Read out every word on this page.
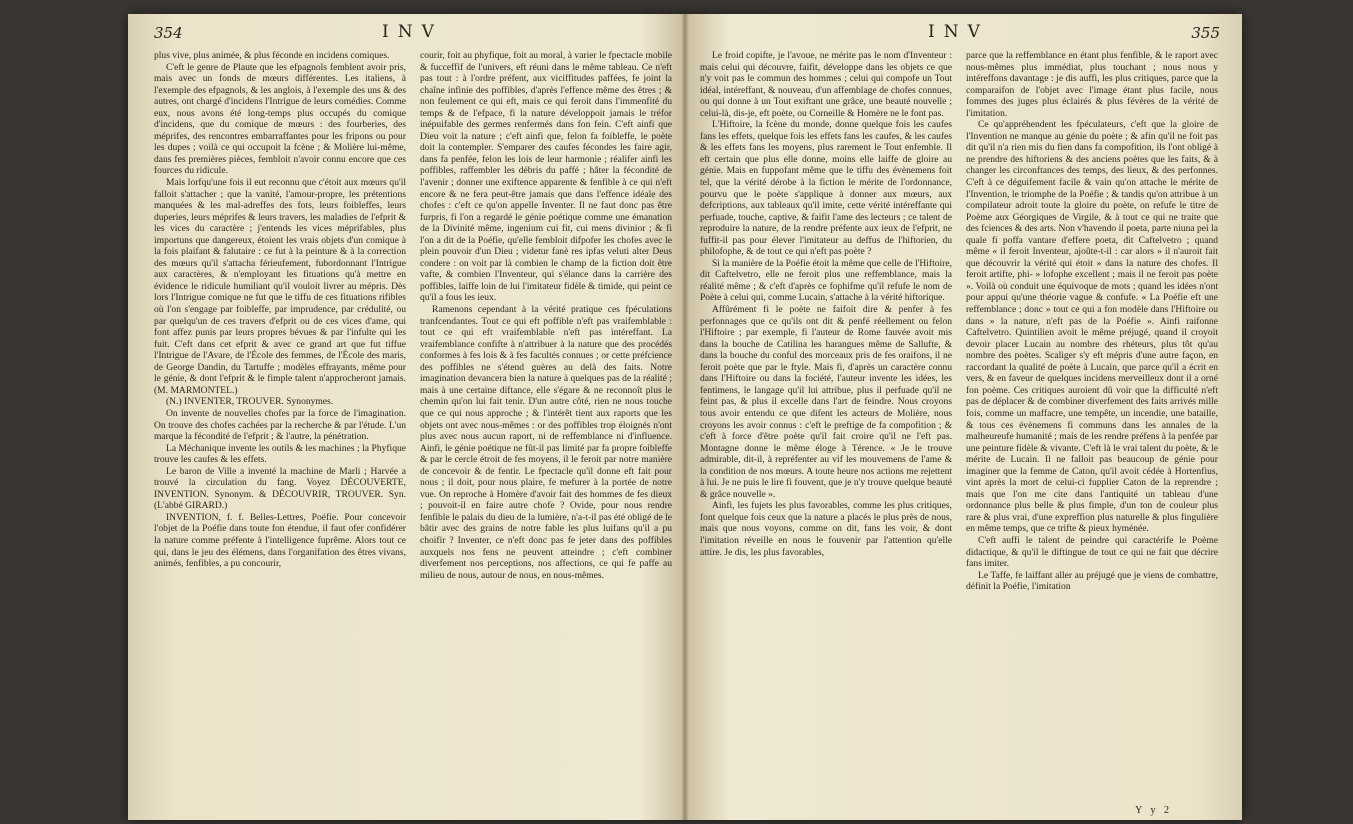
354	INV

plus vive, plus animée, & plus féconde en incidens comiques.

C'eft le genre de Plaute que les efpagnols femblent avoir pris, mais avec un fonds de mœurs différentes. Les italiens, à l'exemple des efpagnols, & les anglois, à l'exemple des uns & des autres, ont chargé d'incidens l'Intrigue de leurs comédies. Comme eux, nous avons été long-temps plus occupés du comique d'incidens, que du comique de mœurs : des fourberies, des méprifes, des rencontres embarraffantes pour les fripons ou pour les dupes ; voilà ce qui occupoit la fcène ; & Molière lui-même, dans fes premières pièces, fembloit n'avoir connu encore que ces fources du ridicule.

Mais lorfqu'une fois il eut reconnu que c'étoit aux mœurs qu'il falloit s'attacher ; que la vanité, l'amour-propre, les prétentions manquées & les mal-adreffes des fots, leurs foibleffes, leurs duperies, leurs méprifes & leurs travers, les maladies de l'efprit & les vices du caractère ; j'entends les vices méprifables, plus importuns que dangereux, étoient les vrais objets d'un comique à la fois plaifant & falutaire : ce fut à la peinture & à la correction des mœurs qu'il s'attacha férieufement, fubordonnant l'Intrigue aux caractères, & n'employant les fituations qu'à mettre en évidence le ridicule humiliant qu'il vouloit livrer au mépris. Dès lors l'Intrigue comique ne fut que le tiffu de ces fituations rifibles où l'on s'engage par foibleffe, par imprudence, par crédulité, ou par quelqu'un de ces travers d'efprit ou de ces vices d'ame, qui font affez punis par leurs propres bévues & par l'infulte qui les fuit. C'eft dans cet efprit & avec ce grand art que fut tiffue l'Intrigue de l'Avare, de l'École des femmes, de l'École des maris, de George Dandin, du Tartuffe ; modèles effrayants, même pour le génie, & dont l'efprit & le fimple talent n'approcheront jamais. (M. MARMONTEL.)

(N.) INVENTER, TROUVER. Synonymes.

On invente de nouvelles chofes par la force de l'imagination. On trouve des chofes cachées par la recherche & par l'étude. L'un marque la fécondité de l'efprit ; & l'autre, la pénétration.

La Méchanique invente les outils & les machines ; la Phyfique trouve les caufes & les effets.

Le baron de Ville a inventé la machine de Marli ; Harvée a trouvé la circulation du fang. Voyez DÉCOUVERTE, INVENTION. Synonym. & DÉCOUVRIR, TROUVER. Syn. (L'abbé GIRARD.)

INVENTION, f. f. Belles-Lettres, Poéfie. Pour concevoir l'objet de la Poéfie dans toute fon étendue, il faut ofer confidérer la nature comme préfente à l'intelligence fuprême. Alors tout ce qui, dans le jeu des élémens, dans l'organifation des êtres vivans, animés, fenfibles, a pu concourir,

courir, foit au phyfique, foit au moral, à varier le fpectacle mobile & fucceffif de l'univers, eft réuni dans le même tableau. Ce n'eft pas tout : à l'ordre préfent, aux viciffitudes paffées, fe joint la chaîne infinie des poffibles, d'après l'effence même des êtres ; & non feulement ce qui eft, mais ce qui feroit dans l'immenfité du temps & de l'efpace, fi la nature développoit jamais le tréfor inépuifable des germes renfermés dans fon fein. C'eft ainfi que Dieu voit la nature ; c'eft ainfi que, felon fa foibleffe, le poète doit la contempler. S'emparer des caufes fécondes les faire agir, dans fa penfée, felon les lois de leur harmonie ; réalifer ainfi les poffibles, raffembler les débris du paffé ; hâter la fécondité de l'avenir ; donner une exiftence apparente & fenfible à ce qui n'eft encore & ne fera peut-être jamais que dans l'effence idéale des chofes : c'eft ce qu'on appelle Inventer. Il ne faut donc pas être furpris, fi l'on a regardé le génie poétique comme une émanation de la Divinité même, ingenium cui fit, cui mens divinior ; & fi l'on a dit de la Poéfie, qu'elle fembloit difpofer les chofes avec le plein pouvoir d'un Dieu ; videtur fanè res ipfas veluti alter Deus condere : on voit par là combien le champ de la fiction doit être vafte, & combien l'Inventeur, qui s'élance dans la carrière des poffibles, laiffe loin de lui l'imitateur fidèle & timide, qui peint ce qu'il a fous les ieux.

Ramenons cependant à la vérité pratique ces fpéculations tranfcendantes. Tout ce qui eft poffible n'eft pas vraifemblable : tout ce qui eft vraifemblable n'eft pas intéreffant. La vraifemblance confifte à n'attribuer à la nature que des procédés conformes à fes lois & à fes facultés connues ; or cette préfcience des poffibles ne s'étend guères au delà des faits. Notre imagination devancera bien la nature à quelques pas de la réalité ; mais à une certaine diftance, elle s'égare & ne reconnoît plus le chemin qu'on lui fait tenir. D'un autre côté, rien ne nous touche que ce qui nous approche ; & l'intérêt tient aux raports que les objets ont avec nous-mêmes : or des poffibles trop éloignés n'ont plus avec nous aucun raport, ni de reffemblance ni d'influence. Ainfi, le génie poétique ne fût-il pas limité par fa propre foibleffe & par le cercle étroit de fes moyens, il le feroit par notre manière de concevoir & de fentir. Le fpectacle qu'il donne eft fait pour nous ; il doit, pour nous plaire, fe mefurer à la portée de notre vue. On reproche à Homère d'avoir fait des hommes de fes dieux ; pouvoit-il en faire autre chofe ? Ovide, pour nous rendre fenfible le palais du dieu de la lumière, n'a-t-il pas été obligé de le bâtir avec des grains de notre fable les plus luifans qu'il a pu choifir ? Inventer, ce n'eft donc pas fe jeter dans des poffibles auxquels nos fens ne peuvent atteindre ; c'eft combiner diverfement nos perceptions, nos affections, ce qui fe paffe au milieu de nous, autour de nous, en nous-mêmes.

INV	355

Le froid copifte, je l'avoue, ne mérite pas le nom d'Inventeur : mais celui qui découvre, faifit, développe dans les objets ce que n'y voit pas le commun des hommes ; celui qui compofe un Tout idéal, intéreffant, & nouveau, d'un affemblage de chofes connues, ou qui donne à un Tout exiftant une grâce, une beauté nouvelle ; celui-là, dis-je, eft poète, ou Corneille & Homère ne le font pas.

L'Hiftoire, la fcène du monde, donne quelque fois les caufes fans les effets, quelque fois les effets fans les caufes, & les caufes & les effets fans les moyens, plus rarement le Tout enfemble. Il eft certain que plus elle donne, moins elle laiffe de gloire au génie. Mais en fuppofant même que le tiffu des évènemens foit tel, que la vérité dérobe à la fiction le mérite de l'ordonnance, pourvu que le poète s'applique à donner aux mœurs, aux defcriptions, aux tableaux qu'il imite, cette vérité intéreffante qui perfuade, touche, captive, & faifit l'ame des lecteurs ; ce talent de reproduire la nature, de la rendre préfente aux ieux de l'efprit, ne fuffit-il pas pour élever l'imitateur au deffus de l'hiftorien, du philofophe, & de tout ce qui n'eft pas poète ?

Si la manière de la Poéfie étoit la même que celle de l'Hiftoire, dit Caftelvetro, elle ne feroit plus une reffemblance, mais la réalité même ; & c'eft d'après ce fophifme qu'il refufe le nom de Poète à celui qui, comme Lucain, s'attache à la vérité hiftorique.

Affûrément fi le poète ne faifoit dire & penfer à fes perfonnages que ce qu'ils ont dit & penfé réellement ou felon l'Hiftoire ; par exemple, fi l'auteur de Rome fauvée avoit mis dans la bouche de Catilina les harangues même de Sallufte, & dans la bouche du conful des morceaux pris de fes oraifons, il ne feroit poète que par le ftyle. Mais fi, d'après un caractère connu dans l'Hiftoire ou dans la fociété, l'auteur invente les idées, les fentimens, le langage qu'il lui attribue, plus il perfuade qu'il ne feint pas, & plus il excelle dans l'art de feindre. Nous croyons tous avoir entendu ce que difent les acteurs de Molière, nous croyons les avoir connus : c'eft le preftige de fa compofition ; & c'eft à force d'être poète qu'il fait croire qu'il ne l'eft pas. Montagne donne le même éloge à Térence. « Je le trouve admirable, dit-il, à repréfenter au vif les mouvemens de l'ame & la condition de nos mœurs. A toute heure nos actions me rejettent à lui. Je ne puis le lire fi fouvent, que je n'y trouve quelque beauté & grâce nouvelle ».

Ainfi, les fujets les plus favorables, comme les plus critiques, font quelque fois ceux que la nature a placés le plus près de nous, mais que nous voyons, comme on dit, fans les voir, & dont l'imitation réveille en nous le fouvenir par l'attention qu'elle attire. Je dis, les plus favorables,

parce que la reffemblance en étant plus fenfible, & le raport avec nous-mêmes plus immédiat, plus touchant ; nous nous y intéreffons davantage : je dis auffi, les plus critiques, parce que la comparaifon de l'objet avec l'image étant plus facile, nous fommes des juges plus éclairés & plus févères de la vérité de l'imitation.

Ce qu'appréhendent les fpéculateurs, c'eft que la gloire de l'Invention ne manque au génie du poète ; & afin qu'il ne foit pas dit qu'il n'a rien mis du fien dans fa compofition, ils l'ont obligé à ne prendre des hiftoriens & des anciens poètes que les faits, & à changer les circonftances des temps, des lieux, & des perfonnes. C'eft à ce déguifement facile & vain qu'on attache le mérite de l'Invention, le triomphe de la Poéfie ; & tandis qu'on attribue à un compilateur adroit toute la gloire du poète, on refufe le titre de Poème aux Géorgiques de Virgile, & à tout ce qui ne traite que des fciences & des arts. Non v'havendo il poeta, parte niuna pei la quale fi poffa vantare d'effere poeta, dit Caftelvetro ; quand même « il feroit Inventeur, ajoûte-t-il : car alors » il n'auroit fait que découvrir la vérité qui étoit » dans la nature des chofes. Il feroit artifte, phi- » lofophe excellent ; mais il ne feroit pas poète ». Voilà où conduit une équivoque de mots ; quand les idées n'ont pour appui qu'une théorie vague & confufe. « La Poéfie eft une reffemblance ; donc » tout ce qui a fon modèle dans l'Hiftoire ou dans » la nature, n'eft pas de la Poéfie ». Ainfi raifonne Caftelvetro. Quintilien avoit le même préjugé, quand il croyoit devoir placer Lucain au nombre des rhéteurs, plus tôt qu'au nombre des poètes. Scaliger s'y eft mépris d'une autre façon, en raccordant la qualité de poète à Lucain, que parce qu'il a écrit en vers, & en faveur de quelques incidens merveilleux dont il a orné fon poème. Ces critiques auroient dû voir que la difficulté n'eft pas de déplacer & de combiner diverfement des faits arrivés mille fois, comme un maffacre, une tempête, un incendie, une bataille, & tous ces évènemens fi communs dans les annales de la malheureufe humanité ; mais de les rendre préfens à la penfée par une peinture fidèle & vivante. C'eft là le vrai talent du poète, & le mérite de Lucain. Il ne falloit pas beaucoup de génie pour imaginer que la femme de Caton, qu'il avoit cédée à Hortenfius, vint après la mort de celui-ci fupplier Caton de la reprendre ; mais que l'on me cite dans l'antiquité un tableau d'une ordonnance plus belle & plus fimple, d'un ton de couleur plus rare & plus vrai, d'une expreffion plus naturelle & plus fingulière en même temps, que ce trifte & pieux hyménée.

C'eft auffi le talent de peindre qui caractérife le Poème didactique, & qu'il le diftingue de tout ce qui ne fait que décrire fans imiter.

Le Taffe, fe laiffant aller au préjugé que je viens de combattre, définit la Poéfie, l'imitation

Y y 2
